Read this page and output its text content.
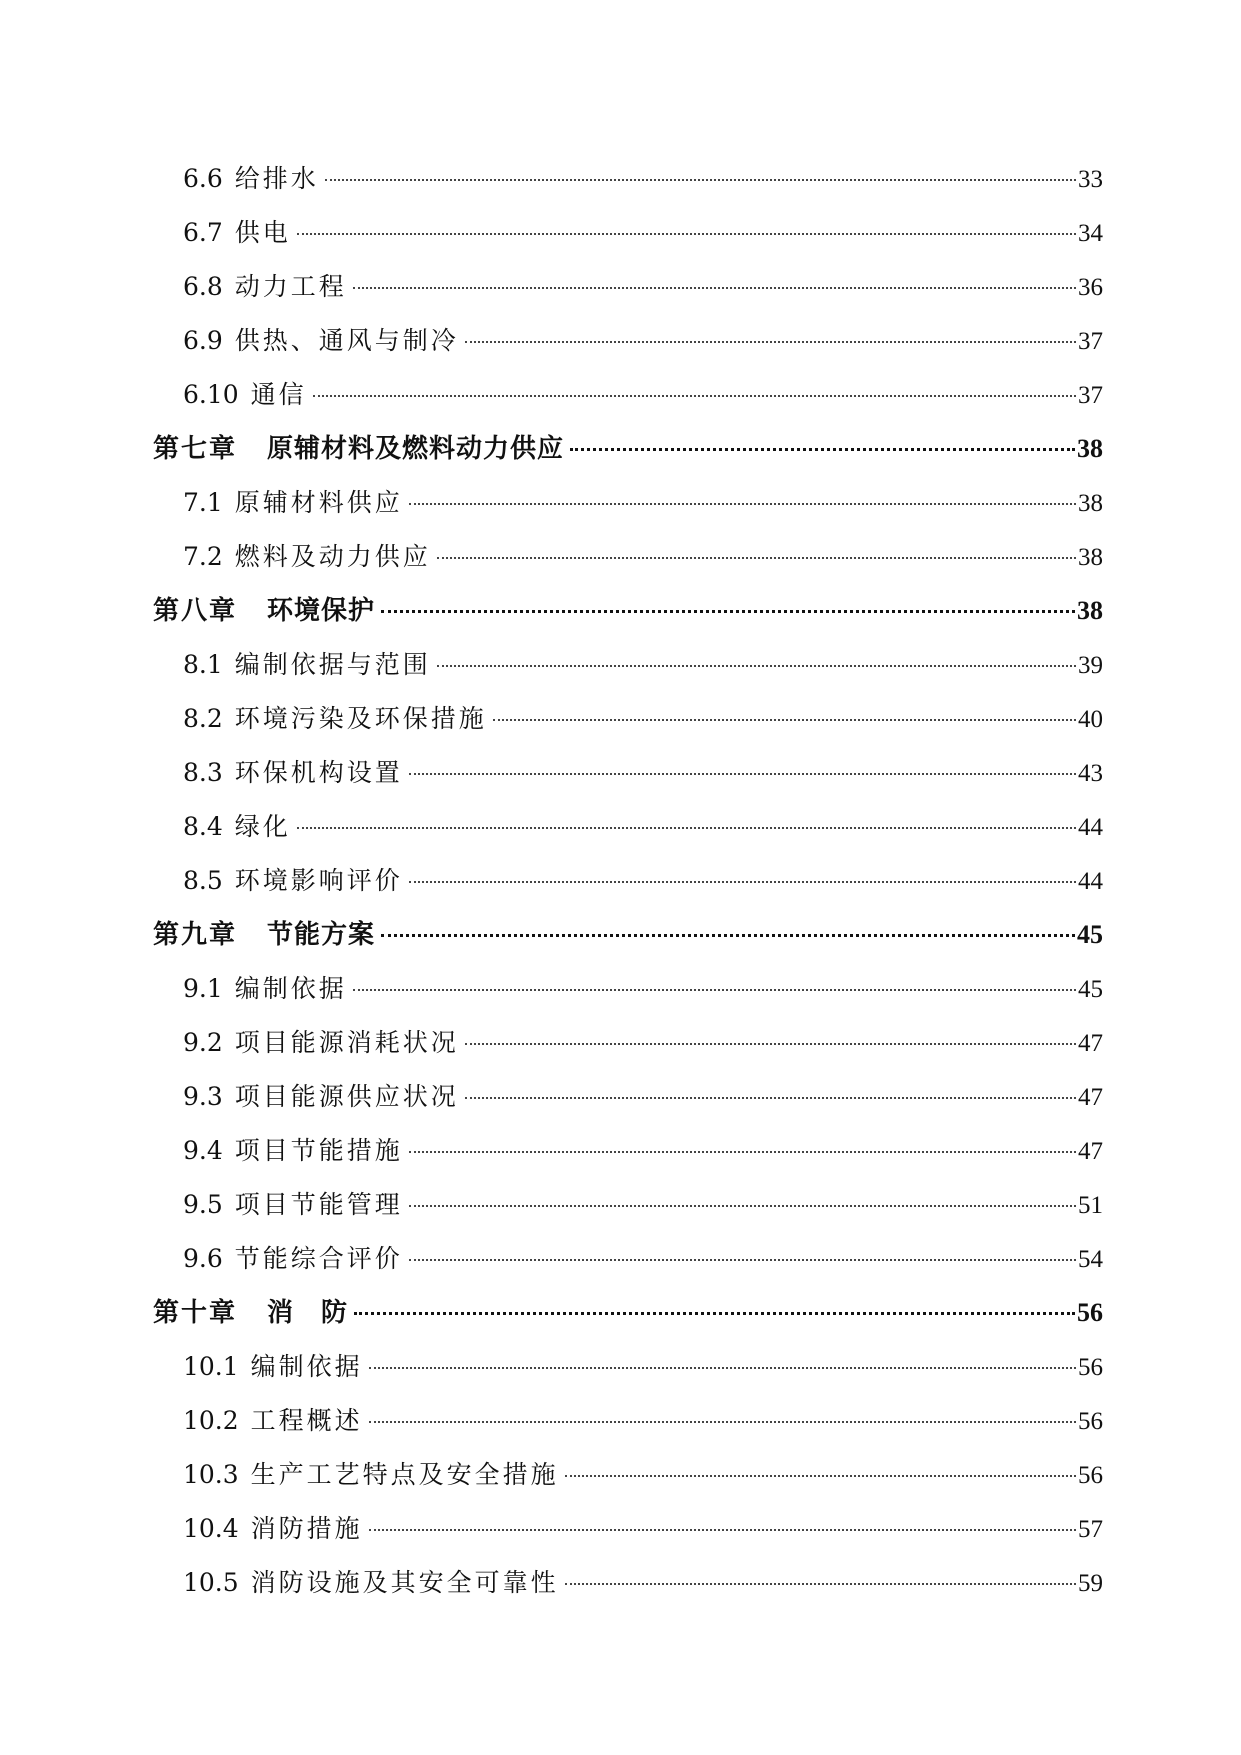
6.6 给排水	33
6.7 供电	34
6.8 动力工程	36
6.9 供热、通风与制冷	37
6.10 通信	37
第七章 原辅材料及燃料动力供应	38
7.1 原辅材料供应	38
7.2 燃料及动力供应	38
第八章 环境保护	38
8.1 编制依据与范围	39
8.2 环境污染及环保措施	40
8.3 环保机构设置	43
8.4 绿化	44
8.5 环境影响评价	44
第九章 节能方案	45
9.1 编制依据	45
9.2 项目能源消耗状况	47
9.3 项目能源供应状况	47
9.4 项目节能措施	47
9.5 项目节能管理	51
9.6 节能综合评价	54
第十章 消　防	56
10.1 编制依据	56
10.2 工程概述	56
10.3 生产工艺特点及安全措施	56
10.4 消防措施	57
10.5 消防设施及其安全可靠性	59
